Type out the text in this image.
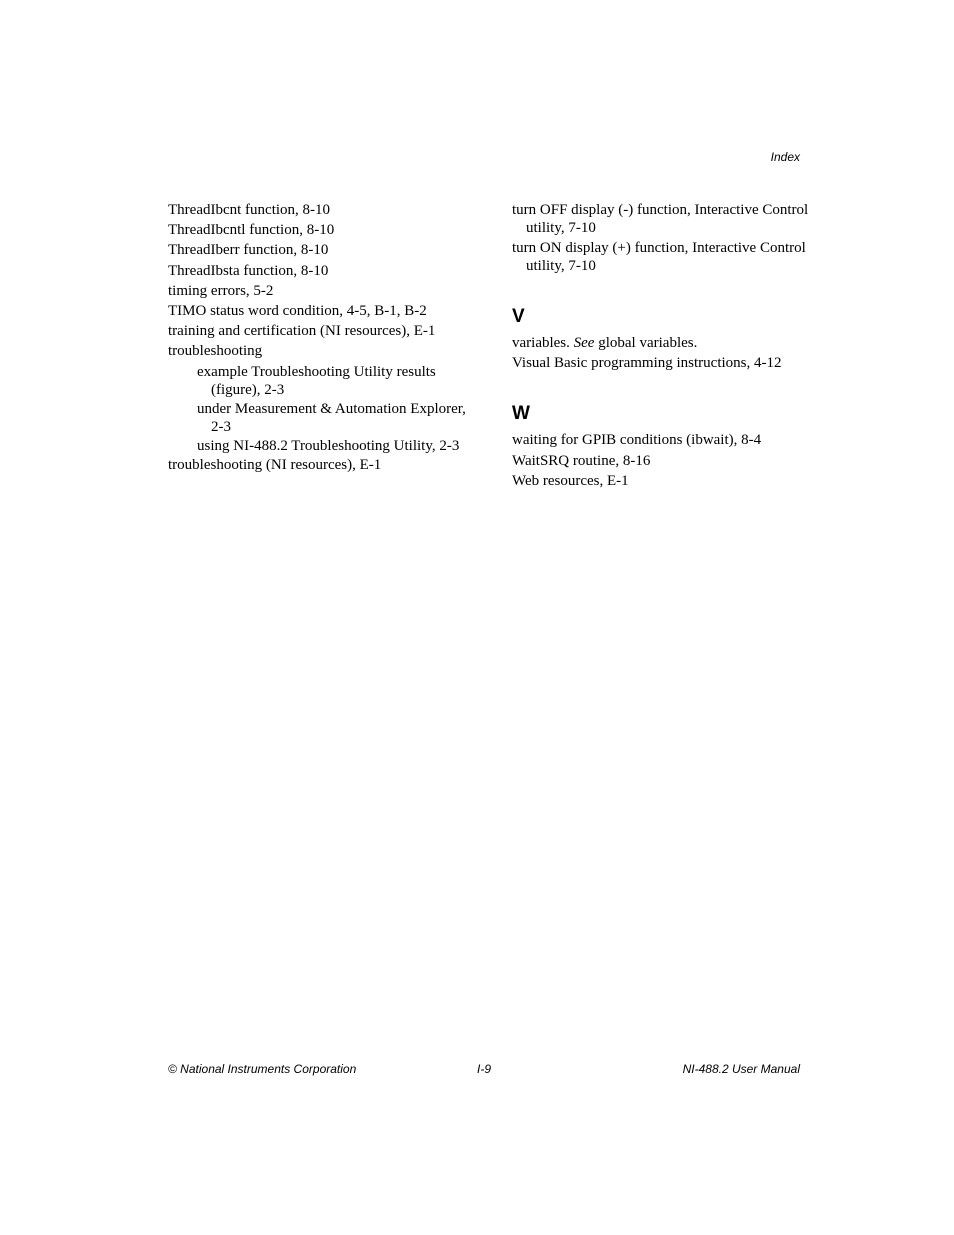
Index
ThreadIbcnt function, 8-10
ThreadIbcntl function, 8-10
ThreadIberr function, 8-10
ThreadIbsta function, 8-10
timing errors, 5-2
TIMO status word condition, 4-5, B-1, B-2
training and certification (NI resources), E-1
troubleshooting
example Troubleshooting Utility results (figure), 2-3
under Measurement & Automation Explorer, 2-3
using NI-488.2 Troubleshooting Utility, 2-3
troubleshooting (NI resources), E-1
turn OFF display (-) function, Interactive Control utility, 7-10
turn ON display (+) function, Interactive Control utility, 7-10
V
variables. See global variables.
Visual Basic programming instructions, 4-12
W
waiting for GPIB conditions (ibwait), 8-4
WaitSRQ routine, 8-16
Web resources, E-1
© National Instruments Corporation	I-9	NI-488.2 User Manual
